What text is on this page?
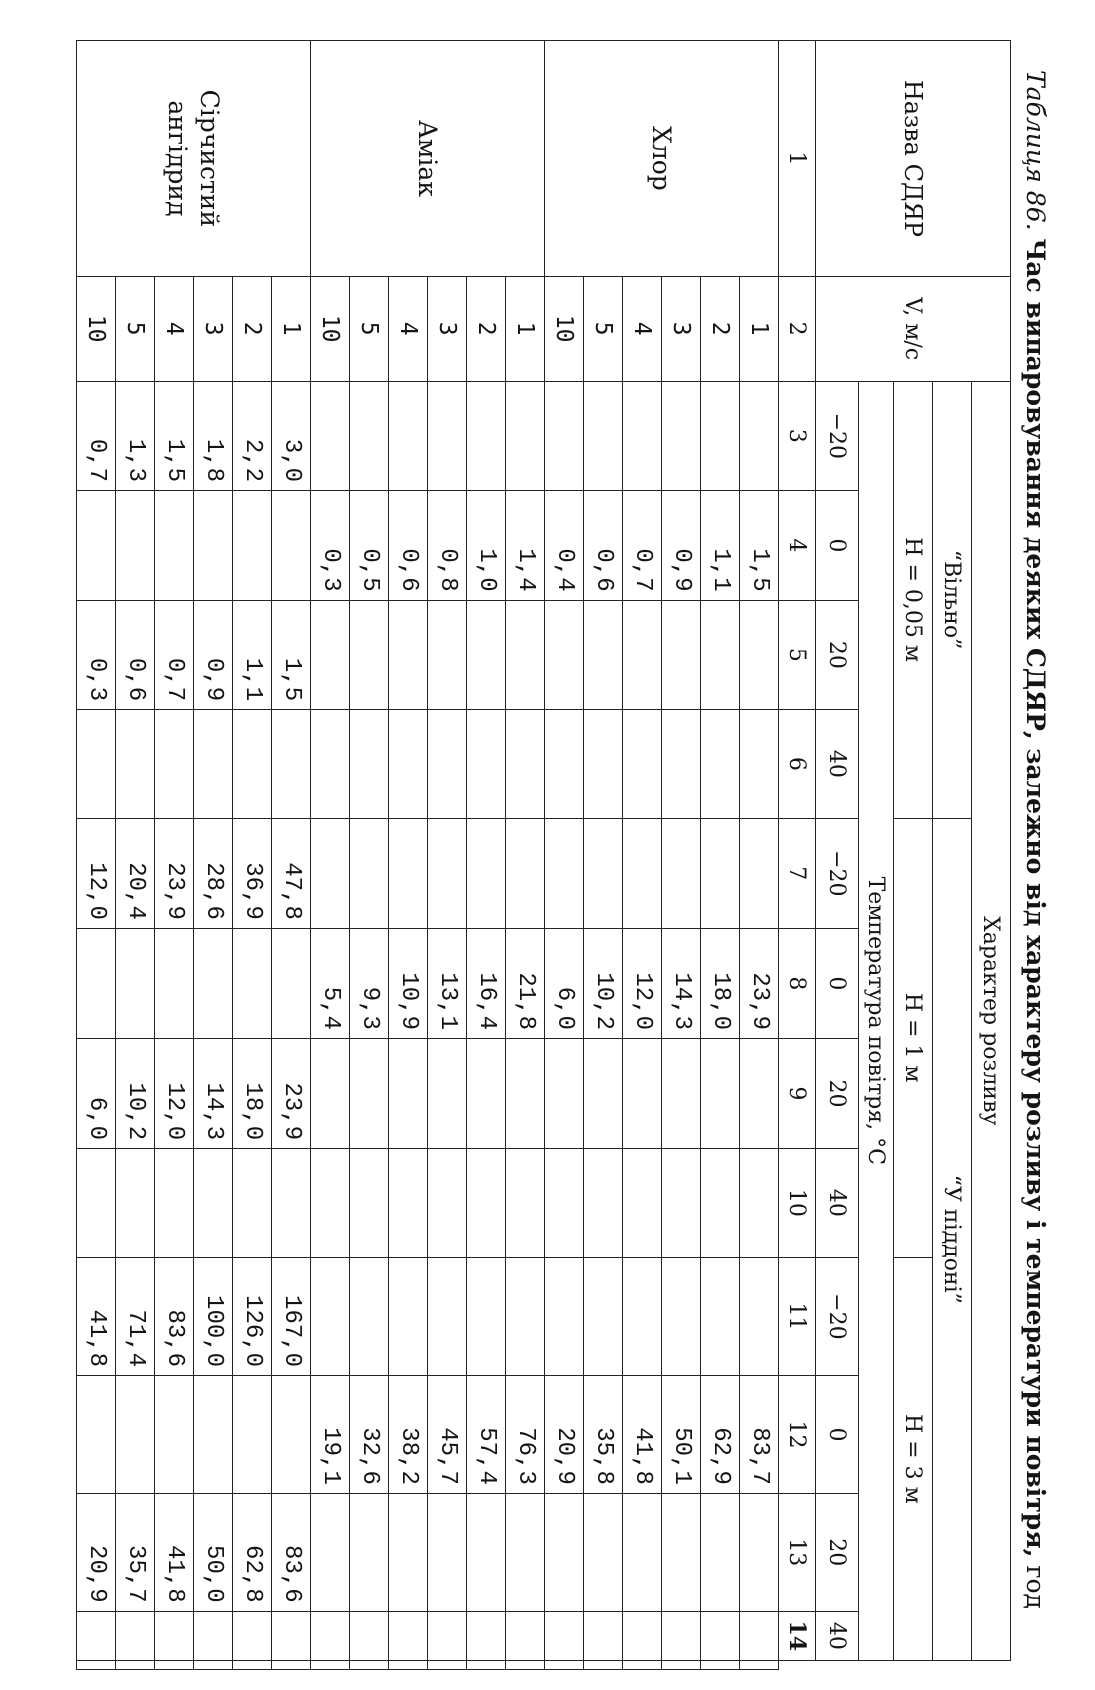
Таблиця 86. Час випаровування деяких СДЯР, залежно від характеру розливу і температури повітря, год
Назва СДЯР	V, м/с	Характер розливу												
		“Вільно”				“У піддоні”								
		H = 0,05 м				H = 1 м				H = 3 м				
		Температура повітря, °C												
		−20	0	20	40	−20	0	20	40	−20	0	20	40	
1	2	3	4	5	6	7	8	9	10	11	12	13	14	
Хлор	1		1,5				23,9				83,7			
	2		1,1				18,0				62,9			
	3		0,9				14,3				50,1			
	4		0,7				12,0				41,8			
	5		0,6				10,2				35,8			
	10		0,4				6,0				20,9			
Аміак	1		1,4				21,8				76,3			
	2		1,0				16,4				57,4			
	3		0,8				13,1				45,7			
	4		0,6				10,9				38,2			
	5		0,5				9,3				32,6			
	10		0,3				5,4				19,1			
Сірчистий ангідрид	1	3,0		1,5		47,8		23,9		167,0		83,6		
	2	2,2		1,1		36,9		18,0		126,0		62,8		
	3	1,8		0,9		28,6		14,3		100,0		50,0		
	4	1,5		0,7		23,9		12,0		83,6		41,8		
	5	1,3		0,6		20,4		10,2		71,4		35,7		
	10	0,7		0,3		12,0		6,0		41,8		20,9		
